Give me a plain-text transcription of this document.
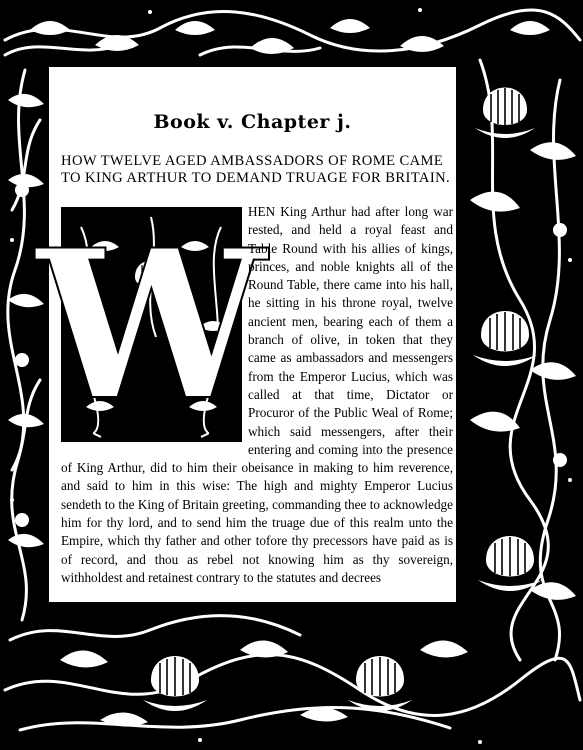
Book v. Chapter j.
HOW TWELVE AGED AMBASSADORS OF ROME CAME TO KING ARTHUR TO DEMAND TRUAGE FOR BRITAIN.
W
HEN King Arthur had after long war rested, and held a royal feast and Table Round with his allies of kings, princes, and noble knights all of the Round Table, there came into his hall, he sitting in his throne royal, twelve ancient men, bearing each of them a branch of olive, in token that they came as ambassadors and messengers from the Emperor Lucius, which was called at that time, Dictator or Procuror of the Public Weal of Rome; which said messengers, after their entering and coming into the presence of King Arthur, did to him their obeisance in making to him reverence, and said to him in this wise: The high and mighty Emperor Lucius sendeth to the King of Britain greeting, commanding thee to acknowledge him for thy lord, and to send him the truage due of this realm unto the Empire, which thy father and other tofore thy precessors have paid as is of record, and thou as rebel not knowing him as thy sovereign, withholdest and retainest contrary to the statutes and decrees
